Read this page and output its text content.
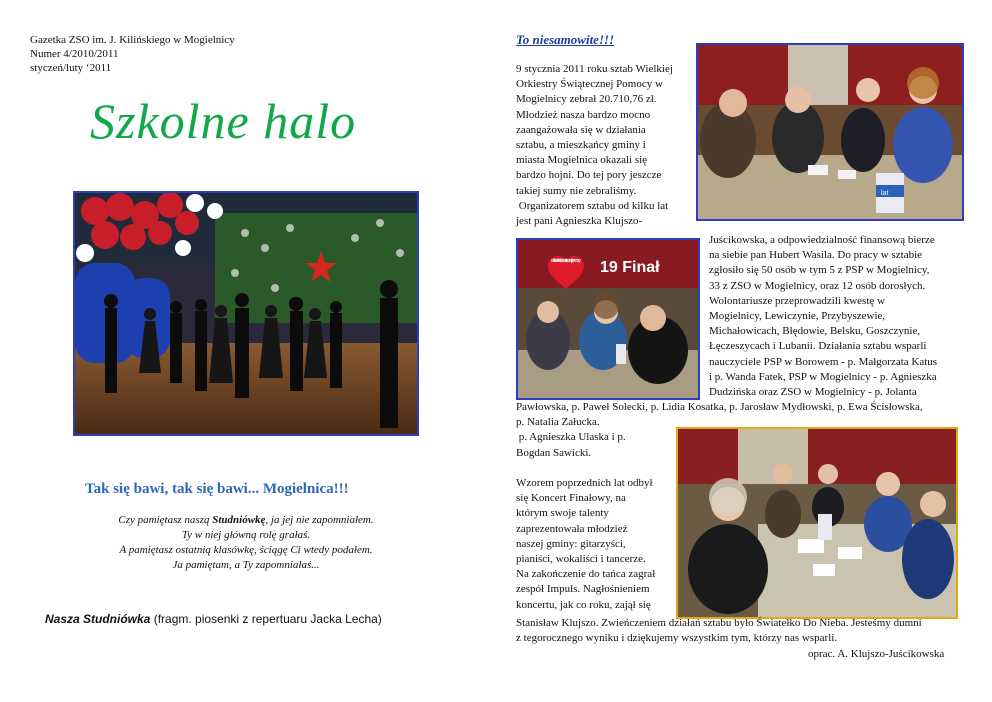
Gazetka ZSO im. J. Kilińskiego w Mogielnicy
Numer 4/2010/2011
styczeń/luty ‘2011
Szkolne halo
Tak się bawi, tak się bawi... Mogielnica!!!
Czy pamiętasz naszą Studniówkę, ja jej nie zapomniałem.
Ty w niej główną rolę grałaś.
A pamiętasz ostatnią klasówkę, ściągę Ci wtedy podałem.
Ja pamiętam, a Ty zapomniałaś...
Nasza Studniówka (fragm. piosenki z repertuaru Jacka Lecha)
To niesamowite!!!
lat

9 stycznia 2011 roku sztab Wielkiej

Orkiestry Świątecznej Pomocy w

Mogielnicy zebrał 20.710,76 zł.

Młodzież nasza bardzo mocno

zaangażowała się w działania

sztabu, a mieszkańcy gminy i

miasta Mogielnica okazali się

bardzo hojni. Do tej pory jeszcze

takiej sumy nie zebraliśmy.

Organizatorem sztabu od kilku lat

jest pani Agnieszka Klujszo-

wielka orkiestra świątecznej pomocy 19 Finał

Juścikowska, a odpowiedzialność finansową bierze

na siebie pan Hubert Wasila. Do pracy w sztabie

zgłosiło się 50 osób w tym 5 z PSP w Mogielnicy,

33 z ZSO w Mogielnicy, oraz 12 osób dorosłych.

Wolontariusze przeprowadzili kwestę w

Mogielnicy, Lewiczynie, Przybyszewie,

Michałowicach, Błędowie, Belsku, Goszczynie,

Łęczeszycach i Lubanii. Działania sztabu wsparli

nauczyciele PSP w Borowem - p. Małgorzata Katus

i p. Wanda Fatek, PSP w Mogielnicy - p. Agnieszka

Dudzińska oraz ZSO w Mogielnicy - p. Jolanta

Pawłowska, p. Paweł Solecki, p. Lidia Kosatka, p. Jarosław Mydłowski, p. Ewa Ścisłowska,

p. Natalia Załucka.

p. Agnieszka Ulaska i p.

Bogdan Sawicki.

Wzorem poprzednich lat odbył

się Koncert Finałowy, na

którym swoje talenty

zaprezentowała młodzież

naszej gminy: gitarzyści,

pianiści, wokaliści i tancerze.

Na zakończenie do tańca zagrał

zespół Impuls. Nagłośnieniem

koncertu, jak co roku, zajął się

Stanisław Klujszo. Zwieńczeniem działań sztabu było Światełko Do Nieba. Jesteśmy dumni

z tegorocznego wyniku i dziękujemy wszystkim tym, którzy nas wsparli.

oprac. A. Klujszo-Juścikowska
